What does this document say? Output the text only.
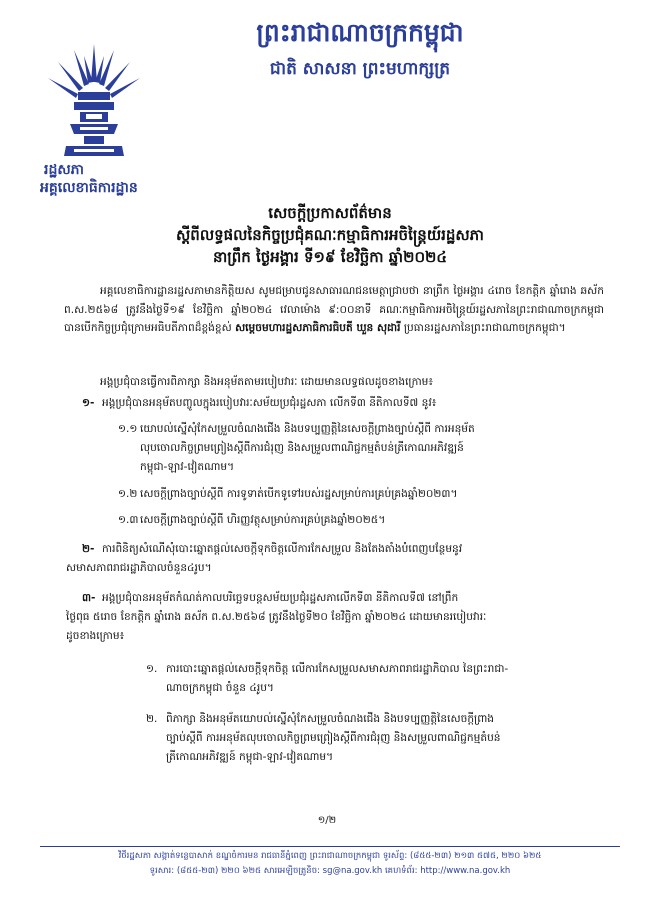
ព្រះរាជាណាចក្រកម្ពុជា
ជាតិ សាសនា ព្រះមហាក្សត្រ
រដ្ឋសភា
អគ្គលេខាធិការដ្ឋាន
សេចក្ដីប្រកាសព័ត៌មាន
ស្ដីពីលទ្ធផលនៃកិច្ចប្រជុំគណៈកម្មាធិការអចិន្ត្រៃយ៍រដ្ឋសភា
នាព្រឹក ថ្ងៃអង្គារ ទី១៩ ខែវិច្ឆិកា ឆ្នាំ២០២៤
អគ្គលេខាធិការដ្ឋានរដ្ឋសភាមានកិត្តិយស សូមជម្រាបជូនសាធារណជនមេត្តាជ្រាបថា នាព្រឹក ថ្ងៃអង្គារ ៤រោច ខែកត្តិក ឆ្នាំរោង ឆស័ក ព.ស.២៥៦៨ ត្រូវនឹងថ្ងៃទី១៩ ខែវិច្ឆិកា ឆ្នាំ២០២៤ វេលាម៉ោង ៩:០០នាទី គណៈកម្មាធិការអចិន្ត្រៃយ៍រដ្ឋសភានៃព្រះរាជាណាចក្រកម្ពុជា បានបើកកិច្ចប្រជុំក្រោមអធិបតីភាពដ៏ខ្ពង់ខ្ពស់ សម្ដេចមហារដ្ឋសភាធិការធិបតី ឃួន សុដារី ប្រធានរដ្ឋសភានៃព្រះរាជាណាចក្រកម្ពុជា។
អង្គប្រជុំបានធ្វើការពិភាក្សា និងអនុម័តតាមរបៀបវារៈ ដោយមានលទ្ធផលដូចខាងក្រោម៖
១- អង្គប្រជុំបានអនុម័តបញ្ចូលក្នុងរបៀបវារៈសម័យប្រជុំរដ្ឋសភា លើកទី៣ នីតិកាលទី៧ នូវ៖
១.១ យោបល់ស្នើសុំកែសម្រួលចំណងជើង និងបទប្បញ្ញត្តិនៃសេចក្ដីព្រាងច្បាប់ស្ដីពី ការអនុម័ត
លុបចោលកិច្ចព្រមព្រៀងស្ដីពីការជំរុញ និងសម្រួលពាណិជ្ជកម្មតំបន់ត្រីកោណអភិវឌ្ឍន៍
កម្ពុជា-ឡាវ-វៀតណាម។
១.២ សេចក្ដីព្រាងច្បាប់ស្ដីពី ការទូទាត់បើកទូទៅរបស់រដ្ឋសម្រាប់ការគ្រប់គ្រងឆ្នាំ២០២៣។
១.៣ សេចក្ដីព្រាងច្បាប់ស្ដីពី ហិរញ្ញវត្ថុសម្រាប់ការគ្រប់គ្រងឆ្នាំ២០២៥។
២- ការពិនិត្យសំណើសុំបោះឆ្នោតផ្ដល់សេចក្ដីទុកចិត្តលើការកែសម្រួល និងតែងតាំងបំពេញបន្ថែមនូវ
សមាសភាពរាជរដ្ឋាភិបាលចំនួន៤រូប។
៣- អង្គប្រជុំបានអនុម័តកំណត់កាលបរិច្ឆេទបន្តសម័យប្រជុំរដ្ឋសភាលើកទី៣ នីតិកាលទី៧ នៅព្រឹក
ថ្ងៃពុធ ៥រោច ខែកត្តិក ឆ្នាំរោង ឆស័ក ព.ស.២៥៦៨ ត្រូវនឹងថ្ងៃទី២០ ខែវិច្ឆិកា ឆ្នាំ២០២៤ ដោយមានរបៀបវារៈ
ដូចខាងក្រោម៖
១. ការបោះឆ្នោតផ្ដល់សេចក្ដីទុកចិត្ត លើការកែសម្រួលសមាសភាពរាជរដ្ឋាភិបាល នៃព្រះរាជា-
ណាចក្រកម្ពុជា ចំនួន ៤រូប។
២. ពិភាក្សា និងអនុម័តយោបល់ស្នើសុំកែសម្រួលចំណងជើង និងបទប្បញ្ញត្តិនៃសេចក្ដីព្រាង
ច្បាប់ស្ដីពី ការអនុម័តលុបចោលកិច្ចព្រមព្រៀងស្ដីពីការជំរុញ និងសម្រួលពាណិជ្ជកម្មតំបន់
ត្រីកោណអភិវឌ្ឍន៍ កម្ពុជា-ឡាវ-វៀតណាម។
១/២
វិថីរដ្ឋសភា សង្កាត់ទន្លេបាសាក់ ខណ្ឌចំការមន រាជធានីភ្នំពេញ ព្រះរាជាណាចក្រកម្ពុជា ទូរស័ព្ទ: (៨៥៥-២៣) ២១៣ ៥៧៥, ២២០ ៦២៥
ទូរសារ: (៨៥៥-២៣) ២២០ ៦២៥ សារអេឡិចត្រូនិច: sg@na.gov.kh គេហទំព័រ: http://www.na.gov.kh
